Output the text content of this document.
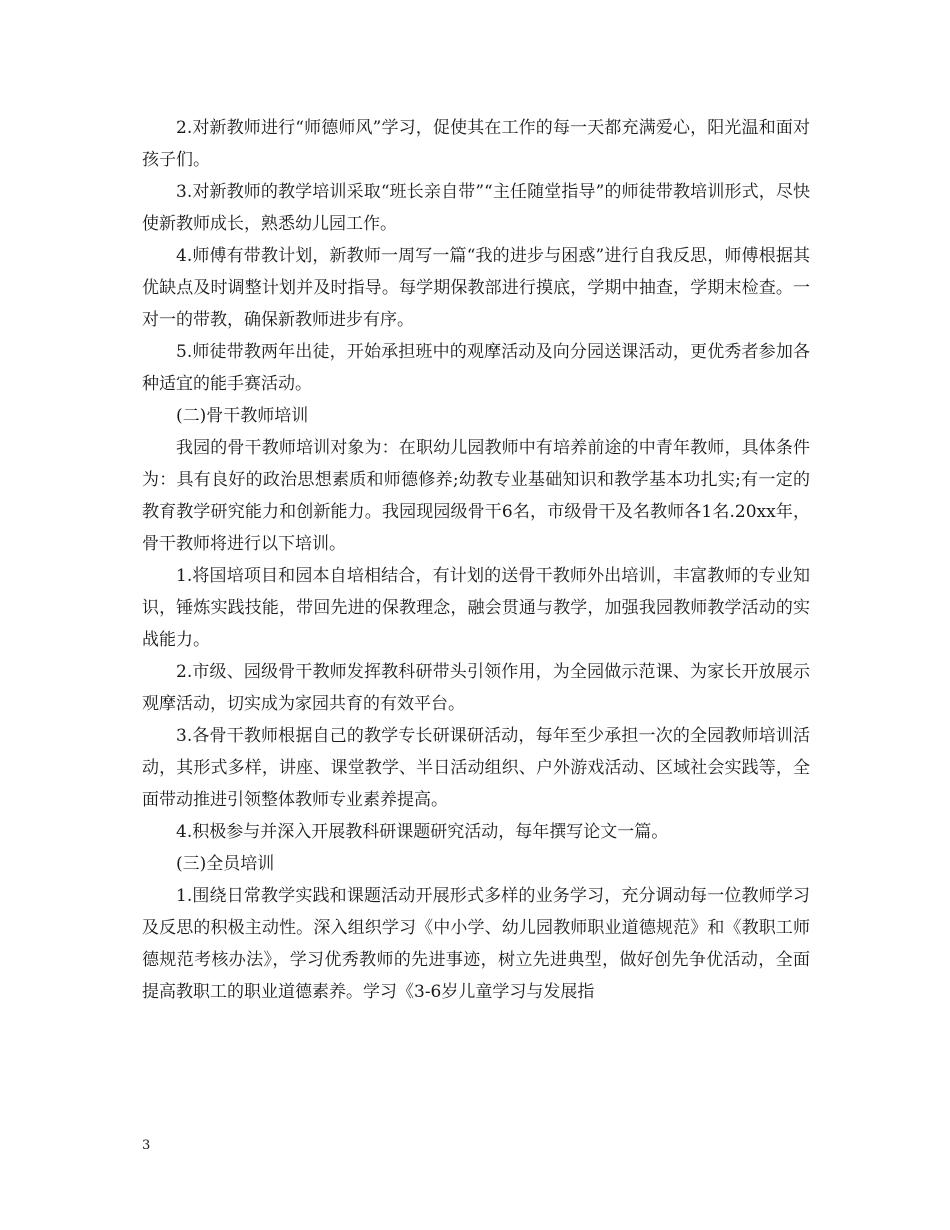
2.对新教师进行“师德师风”学习，促使其在工作的每一天都充满爱心，阳光温和面对孩子们。

3.对新教师的教学培训采取“班长亲自带”“主任随堂指导”的师徒带教培训形式，尽快使新教师成长，熟悉幼儿园工作。

4.师傅有带教计划，新教师一周写一篇“我的进步与困惑”进行自我反思，师傅根据其优缺点及时调整计划并及时指导。每学期保教部进行摸底，学期中抽查，学期末检查。一对一的带教，确保新教师进步有序。

5.师徒带教两年出徒，开始承担班中的观摩活动及向分园送课活动，更优秀者参加各种适宜的能手赛活动。

(二)骨干教师培训

我园的骨干教师培训对象为：在职幼儿园教师中有培养前途的中青年教师，具体条件为：具有良好的政治思想素质和师德修养;幼教专业基础知识和教学基本功扎实;有一定的教育教学研究能力和创新能力。我园现园级骨干6名，市级骨干及名教师各1名.20xx年，骨干教师将进行以下培训。

1.将国培项目和园本自培相结合，有计划的送骨干教师外出培训，丰富教师的专业知识，锤炼实践技能，带回先进的保教理念，融会贯通与教学，加强我园教师教学活动的实战能力。

2.市级、园级骨干教师发挥教科研带头引领作用，为全园做示范课、为家长开放展示观摩活动，切实成为家园共育的有效平台。

3.各骨干教师根据自己的教学专长研课研活动，每年至少承担一次的全园教师培训活动，其形式多样，讲座、课堂教学、半日活动组织、户外游戏活动、区域社会实践等，全面带动推进引领整体教师专业素养提高。

4.积极参与并深入开展教科研课题研究活动，每年撰写论文一篇。

(三)全员培训

1.围绕日常教学实践和课题活动开展形式多样的业务学习，充分调动每一位教师学习及反思的积极主动性。深入组织学习《中小学、幼儿园教师职业道德规范》和《教职工师德规范考核办法》，学习优秀教师的先进事迹，树立先进典型，做好创先争优活动，全面提高教职工的职业道德素养。学习《3-6岁儿童学习与发展指

3
